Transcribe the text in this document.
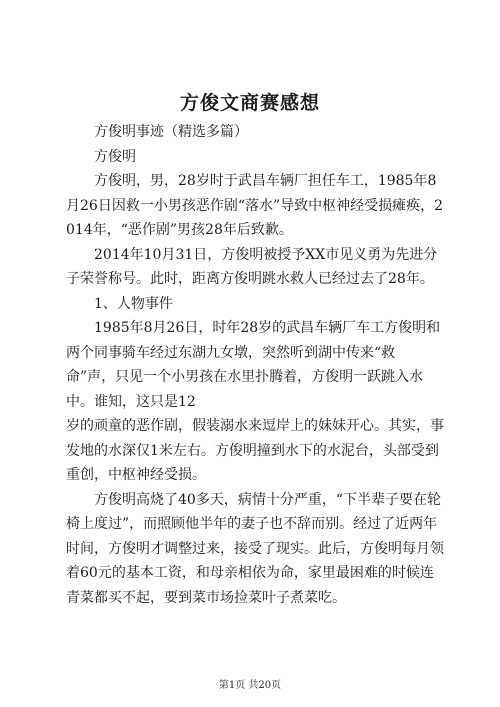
方俊文商赛感想

方俊明事迹（精选多篇）

方俊明

方俊明，男，28岁时于武昌车辆厂担任车工，1985年8月26日因救一小男孩恶作剧“落水”导致中枢神经受损瘫痪，2014年，“恶作剧”男孩28年后致歉。

2014年10月31日，方俊明被授予XX市见义勇为先进分子荣誉称号。此时，距离方俊明跳水救人已经过去了28年。

1、人物事件

1985年8月26日，时年28岁的武昌车辆厂车工方俊明和两个同事骑车经过东湖九女墩，突然听到湖中传来“救命”声，只见一个小男孩在水里扑腾着，方俊明一跃跳入水中。谁知，这只是12

岁的顽童的恶作剧，假装溺水来逗岸上的妹妹开心。其实，事发地的水深仅1米左右。方俊明撞到水下的水泥台，头部受到重创，中枢神经受损。

方俊明高烧了40多天，病情十分严重，“下半辈子要在轮椅上度过”，而照顾他半年的妻子也不辞而别。经过了近两年时间，方俊明才调整过来，接受了现实。此后，方俊明每月领着60元的基本工资，和母亲相依为命，家里最困难的时候连青菜都买不起，要到菜市场捡菜叶子煮菜吃。

第1页 共20页
